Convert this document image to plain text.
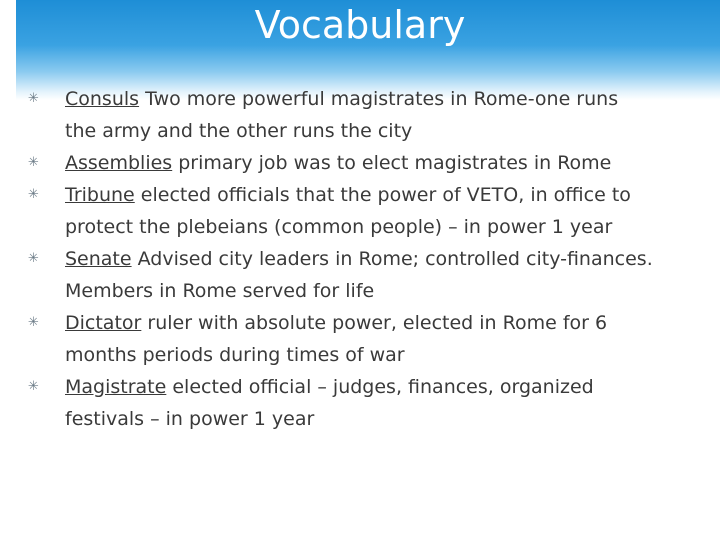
Vocabulary
✳ Consuls Two more powerful magistrates in Rome-one runs
the army and the other runs the city
✳ Assemblies primary job was to elect magistrates in Rome
✳ Tribune elected officials that the power of VETO, in office to
protect the plebeians (common people) – in power 1 year
✳ Senate Advised city leaders in Rome; controlled city-finances.
Members in Rome served for life
✳ Dictator ruler with absolute power, elected in Rome for 6
months periods during times of war
✳ Magistrate elected official – judges, finances, organized
festivals – in power 1 year
